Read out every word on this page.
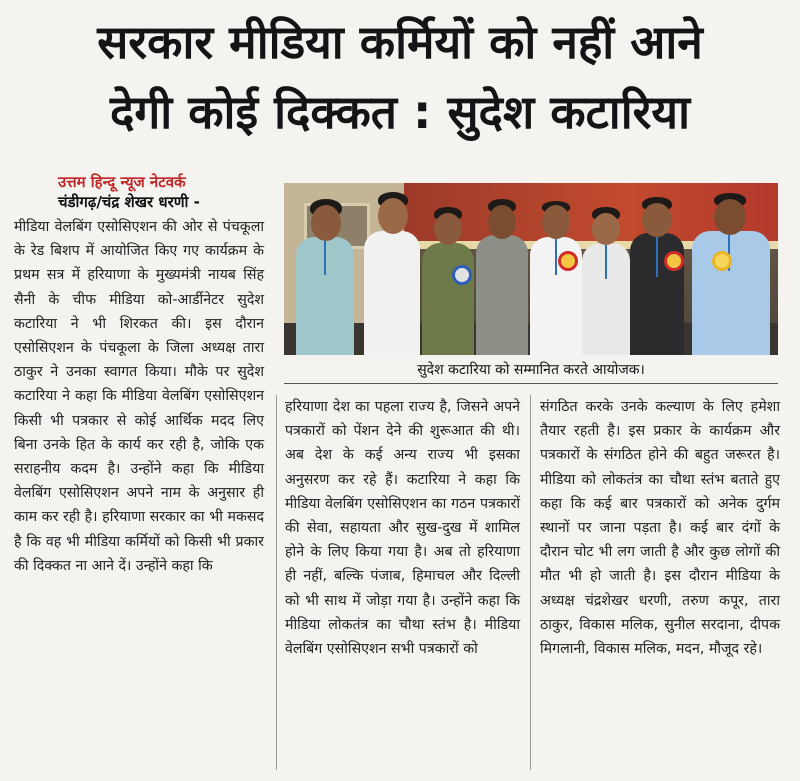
सरकार मीडिया कर्मियों को नहीं आने
देगी कोई दिक्कत : सुदेश कटारिया
उत्तम हिन्दू न्यूज नेटवर्क
चंडीगढ़/चंद्र शेखर धरणी -

मीडिया वेलबिंग एसोसिएशन की ओर से पंचकूला के रेड बिशप में आयोजित किए गए कार्यक्रम के प्रथम सत्र में हरियाणा के मुख्यमंत्री नायब सिंह सैनी के चीफ मीडिया को-आर्डीनेटर सुदेश कटारिया ने भी शिरकत की। इस दौरान एसोसिएशन के पंचकूला के जिला अध्यक्ष तारा ठाकुर ने उनका स्वागत किया। मौके पर सुदेश कटारिया ने कहा कि मीडिया वेलबिंग एसोसिएशन किसी भी पत्रकार से कोई आर्थिक मदद लिए बिना उनके हित के कार्य कर रही है, जोकि एक सराहनीय कदम है। उन्होंने कहा कि मीडिया वेलबिंग एसोसिएशन अपने नाम के अनुसार ही काम कर रही है। हरियाणा सरकार का भी मकसद है कि वह भी मीडिया कर्मियों को किसी भी प्रकार की दिक्कत ना आने दें। उन्होंने कहा कि

सुदेश कटारिया को सम्मानित करते आयोजक।

हरियाणा देश का पहला राज्य है, जिसने अपने पत्रकारों को पेंशन देने की शुरूआत की थी। अब देश के कई अन्य राज्य भी इसका अनुसरण कर रहे हैं। कटारिया ने कहा कि मीडिया वेलबिंग एसोसिएशन का गठन पत्रकारों की सेवा, सहायता और सुख-दुख में शामिल होने के लिए किया गया है। अब तो हरियाणा ही नहीं, बल्कि पंजाब, हिमाचल और दिल्ली को भी साथ में जोड़ा गया है। उन्होंने कहा कि मीडिया लोकतंत्र का चौथा स्तंभ है। मीडिया वेलबिंग एसोसिएशन सभी पत्रकारों को

संगठित करके उनके कल्याण के लिए हमेशा तैयार रहती है। इस प्रकार के कार्यक्रम और पत्रकारों के संगठित होने की बहुत जरूरत है। मीडिया को लोकतंत्र का चौथा स्तंभ बताते हुए कहा कि कई बार पत्रकारों को अनेक दुर्गम स्थानों पर जाना पड़ता है। कई बार दंगों के दौरान चोट भी लग जाती है और कुछ लोगों की मौत भी हो जाती है। इस दौरान मीडिया के अध्यक्ष चंद्रशेखर धरणी, तरुण कपूर, तारा ठाकुर, विकास मलिक, सुनील सरदाना, दीपक मिगलानी, विकास मलिक, मदन, मौजूद रहे।
